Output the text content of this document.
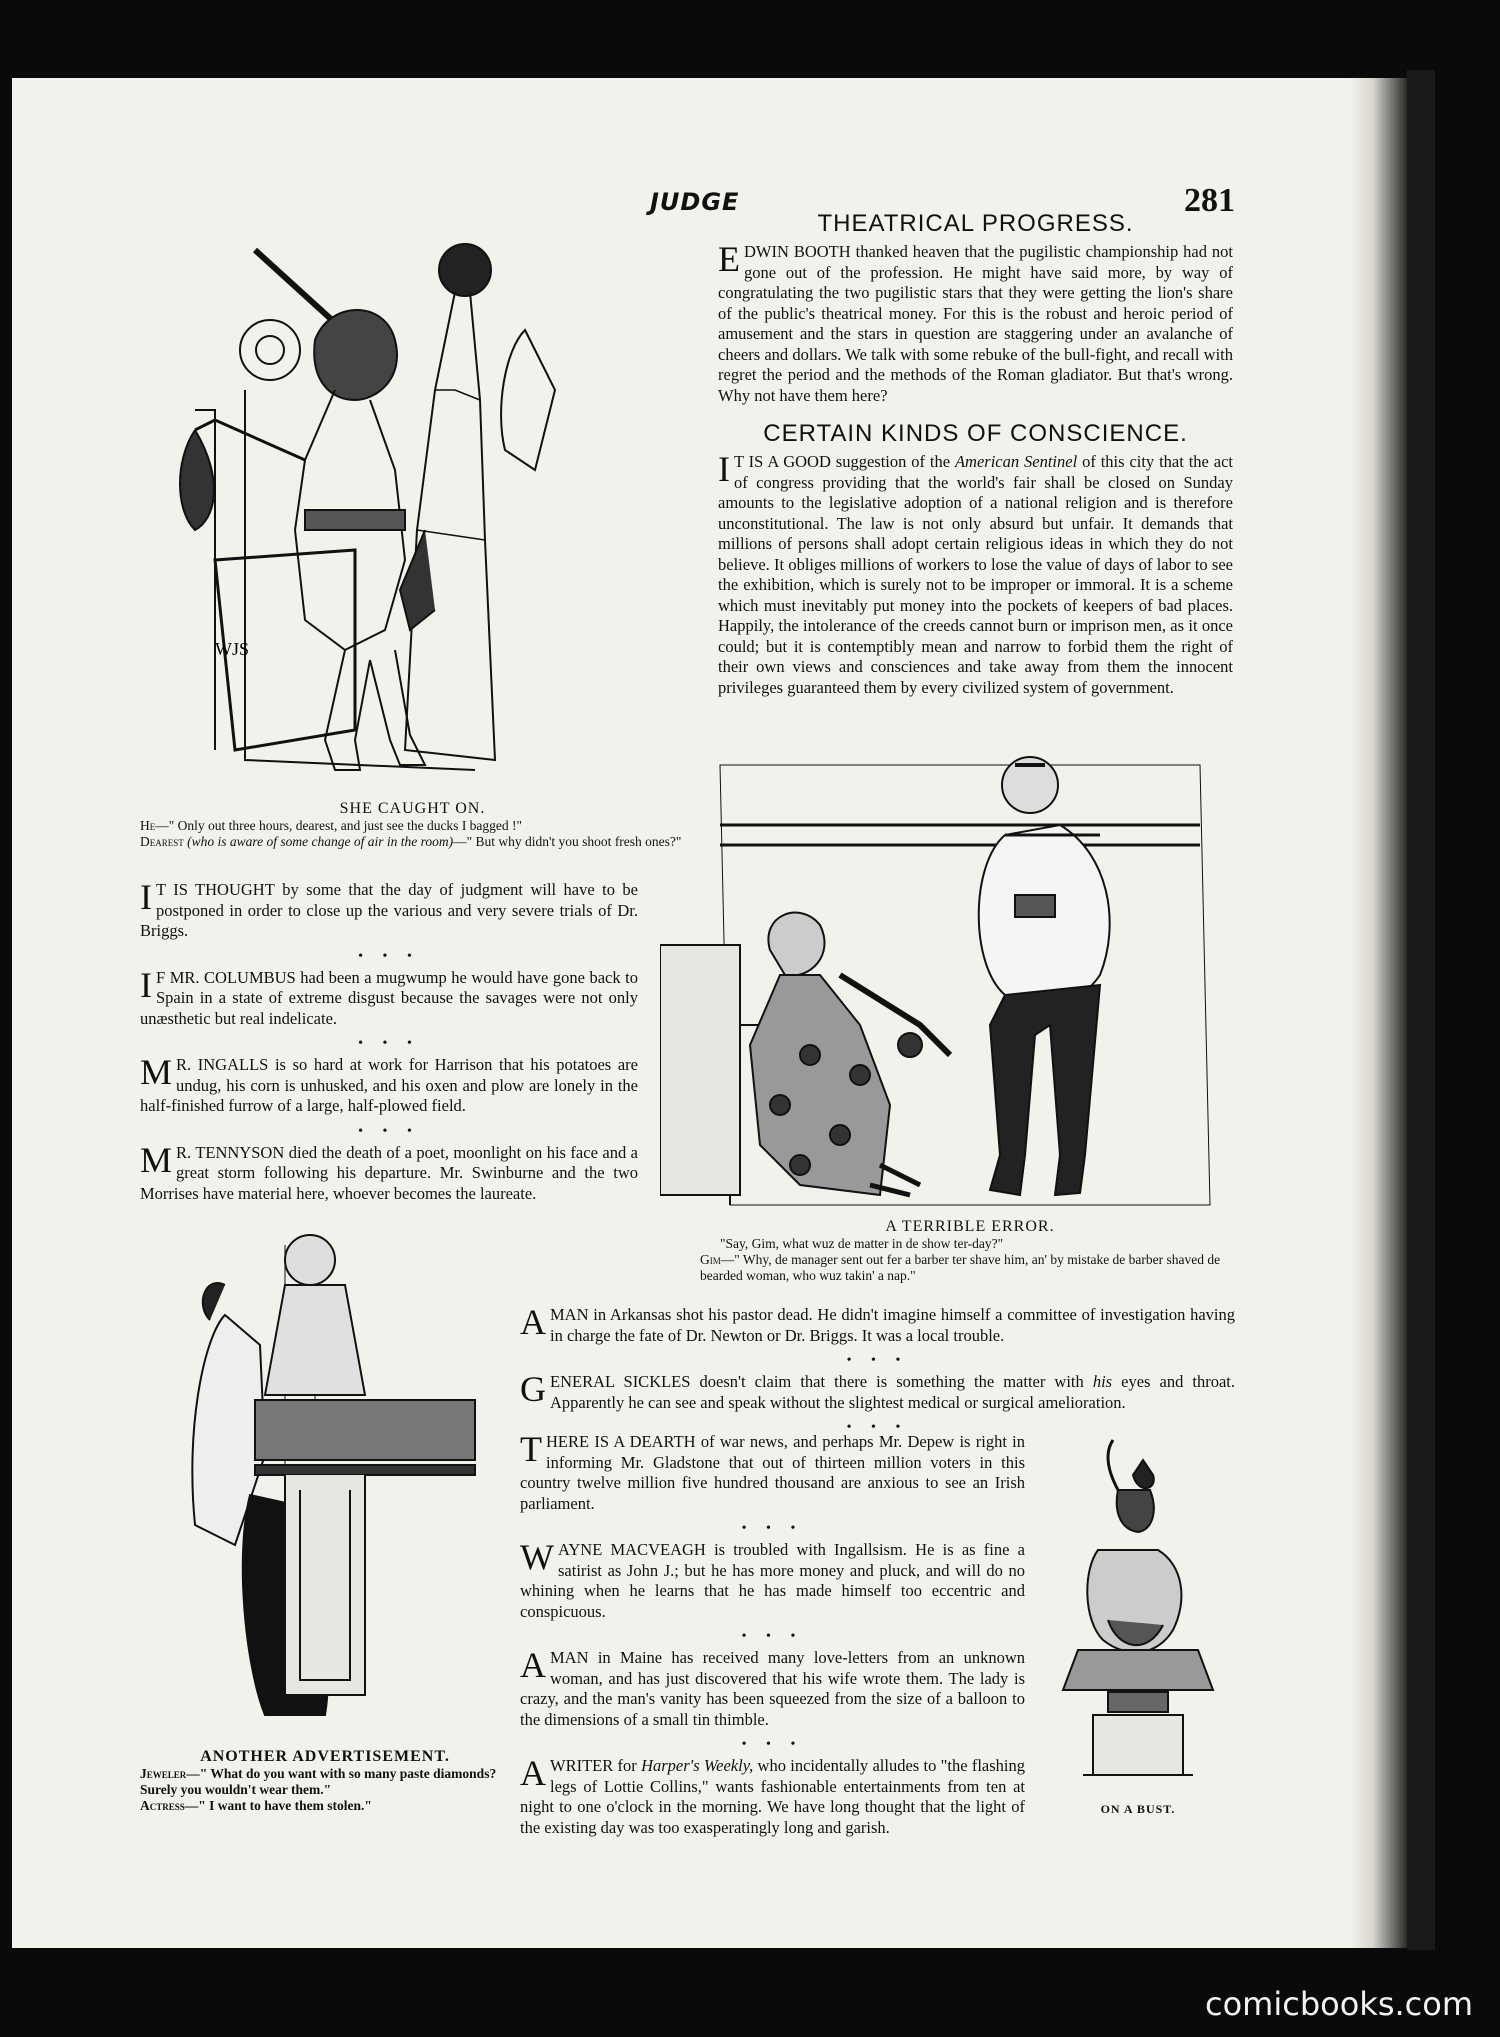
JUDGE	281
THEATRICAL PROGRESS.
EDWIN BOOTH thanked heaven that the pugilistic championship had not gone out of the profession. He might have said more, by way of congratulating the two pugilistic stars that they were getting the lion's share of the public's theatrical money. For this is the robust and heroic period of amusement and the stars in question are staggering under an avalanche of cheers and dollars. We talk with some rebuke of the bull-fight, and recall with regret the period and the methods of the Roman gladiator. But that's wrong. Why not have them here?
CERTAIN KINDS OF CONSCIENCE.
I T IS A GOOD suggestion of the American Sentinel of this city that the act of congress providing that the world's fair shall be closed on Sunday amounts to the legislative adoption of a national religion and is therefore unconstitutional. The law is not only absurd but unfair. It demands that millions of persons shall adopt certain religious ideas in which they do not believe. It obliges millions of workers to lose the value of days of labor to see the exhibition, which is surely not to be improper or immoral. It is a scheme which must inevitably put money into the pockets of keepers of bad places. Happily, the intolerance of the creeds cannot burn or imprison men, as it once could; but it is contemptibly mean and narrow to forbid them the right of their own views and consciences and take away from them the innocent privileges guaranteed them by every civilized system of government.
WJS
SHE CAUGHT ON.
He—" Only out three hours, dearest, and just see the ducks I bagged !"
Dearest (who is aware of some change of air in the room)—" But why didn't you shoot fresh ones?"
I T IS THOUGHT by some that the day of judgment will have to be postponed in order to close up the various and very severe trials of Dr. Briggs.
• • •
I F MR. COLUMBUS had been a mugwump he would have gone back to Spain in a state of extreme disgust because the savages were not only unæsthetic but real indelicate.
• • •
M R. INGALLS is so hard at work for Harrison that his potatoes are undug, his corn is unhusked, and his oxen and plow are lonely in the half-finished furrow of a large, half-plowed field.
• • •
M R. TENNYSON died the death of a poet, moonlight on his face and a great storm following his departure. Mr. Swinburne and the two Morrises have material here, whoever becomes the laureate.
A TERRIBLE ERROR.
"Say, Gim, what wuz de matter in de show ter-day?"
Gim—" Why, de manager sent out fer a barber ter shave him, an' by mistake de barber shaved de bearded woman, who wuz takin' a nap."
ANOTHER ADVERTISEMENT.
Jeweler—" What do you want with so many paste diamonds? Surely you wouldn't wear them."
Actress—" I want to have them stolen."
A MAN in Arkansas shot his pastor dead. He didn't imagine himself a committee of investigation having in charge the fate of Dr. Newton or Dr. Briggs. It was a local trouble.
• • •
GENERAL SICKLES doesn't claim that there is something the matter with his eyes and throat. Apparently he can see and speak without the slightest medical or surgical amelioration.
• • •
THERE IS A DEARTH of war news, and perhaps Mr. Depew is right in informing Mr. Gladstone that out of thirteen million voters in this country twelve million five hundred thousand are anxious to see an Irish parliament.
• • •
WAYNE MACVEAGH is troubled with Ingallsism. He is as fine a satirist as John J.; but he has more money and pluck, and will do no whining when he learns that he has made himself too eccentric and conspicuous.
• • •
A MAN in Maine has received many love-letters from an unknown woman, and has just discovered that his wife wrote them. The lady is crazy, and the man's vanity has been squeezed from the size of a balloon to the dimensions of a small tin thimble.
• • •
A WRITER for Harper's Weekly, who incidentally alludes to "the flashing legs of Lottie Collins," wants fashionable entertainments from ten at night to one o'clock in the morning. We have long thought that the light of the existing day was too exasperatingly long and garish.
ON A BUST.
comicbooks.com
